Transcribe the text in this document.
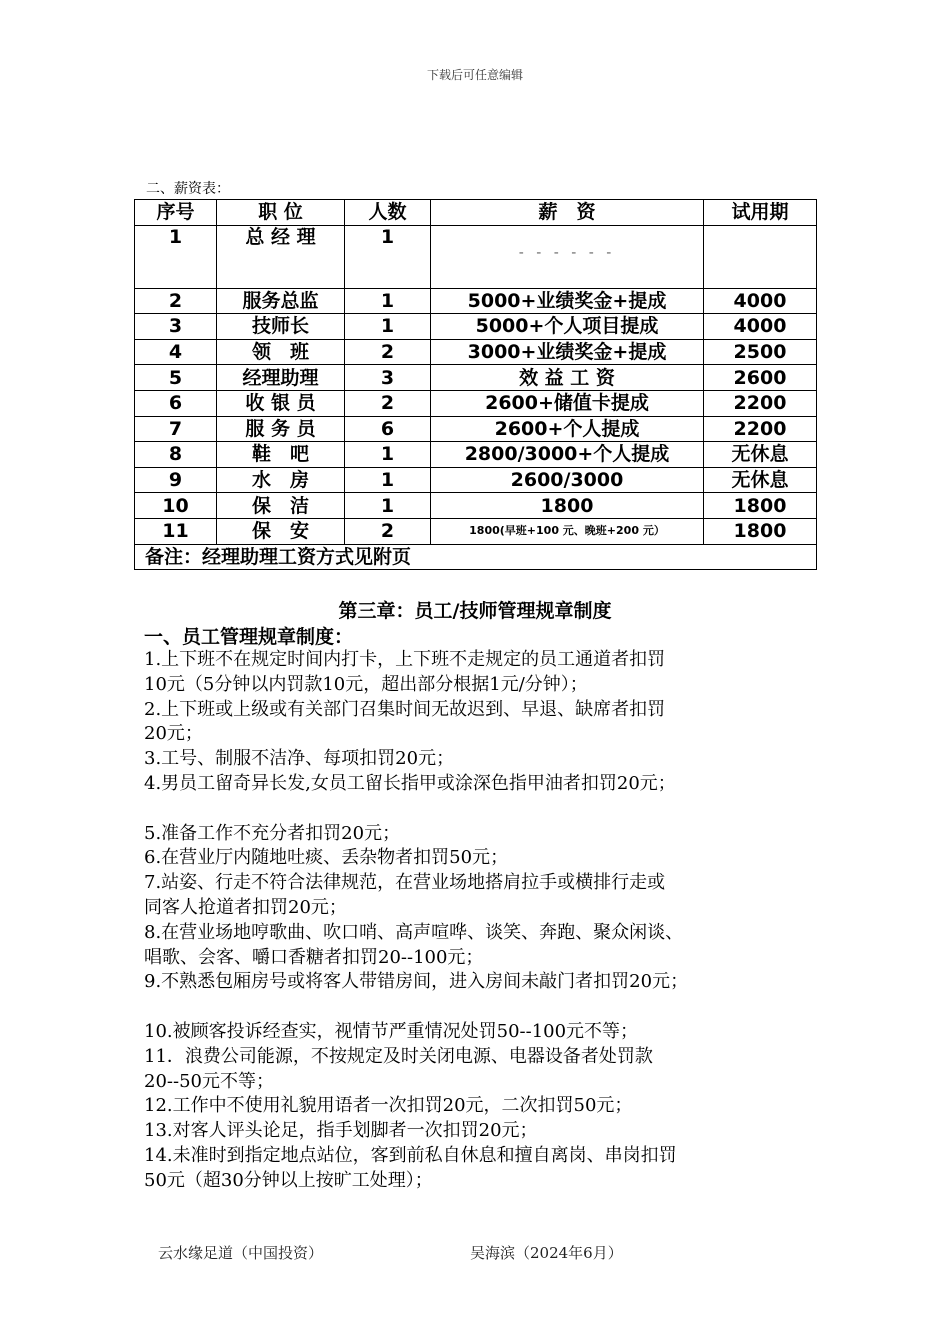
下载后可任意编辑
二、薪资表：
序号	职 位	人数	薪　资	试用期
1	总 经 理	1	- - - - - -	

2	服务总监	1	5000+业绩奖金+提成	4000
3	技师长	1	5000+个人项目提成	4000
4	领　班	2	3000+业绩奖金+提成	2500
5	经理助理	3	效 益 工 资	2600
6	收 银 员	2	2600+储值卡提成	2200
7	服 务 员	6	2600+个人提成	2200
8	鞋　吧	1	2800/3000+个人提成	无休息
9	水　房	1	2600/3000	无休息
10	保　洁	1	1800	1800
11	保　安	2	1800(早班+100 元、晚班+200 元）	1800
备注：经理助理工资方式见附页				
第三章：员工/技师管理规章制度
一、员工管理规章制度：
1.上下班不在规定时间内打卡，上下班不走规定的员工通道者扣罚
10元（5分钟以内罚款10元，超出部分根据1元/分钟）；
2.上下班或上级或有关部门召集时间无故迟到、早退、缺席者扣罚
20元；
3.工号、制服不洁净、每项扣罚20元；
4.男员工留奇异长发,女员工留长指甲或涂深色指甲油者扣罚20元；
5.准备工作不充分者扣罚20元；
6.在营业厅内随地吐痰、丢杂物者扣罚50元；
7.站姿、行走不符合法律规范，在营业场地搭肩拉手或横排行走或
同客人抢道者扣罚20元；
8.在营业场地哼歌曲、吹口哨、高声喧哗、谈笑、奔跑、聚众闲谈、
唱歌、会客、嚼口香糖者扣罚20--100元；
9.不熟悉包厢房号或将客人带错房间，进入房间未敲门者扣罚20元；
10.被顾客投诉经查实，视情节严重情况处罚50--100元不等；
11．浪费公司能源，不按规定及时关闭电源、电器设备者处罚款
20--50元不等；
12.工作中不使用礼貌用语者一次扣罚20元，二次扣罚50元；
13.对客人评头论足，指手划脚者一次扣罚20元；
14.未准时到指定地点站位，客到前私自休息和擅自离岗、串岗扣罚
50元（超30分钟以上按旷工处理）；
云水缘足道（中国投资）	吴海滨（2024年6月）
